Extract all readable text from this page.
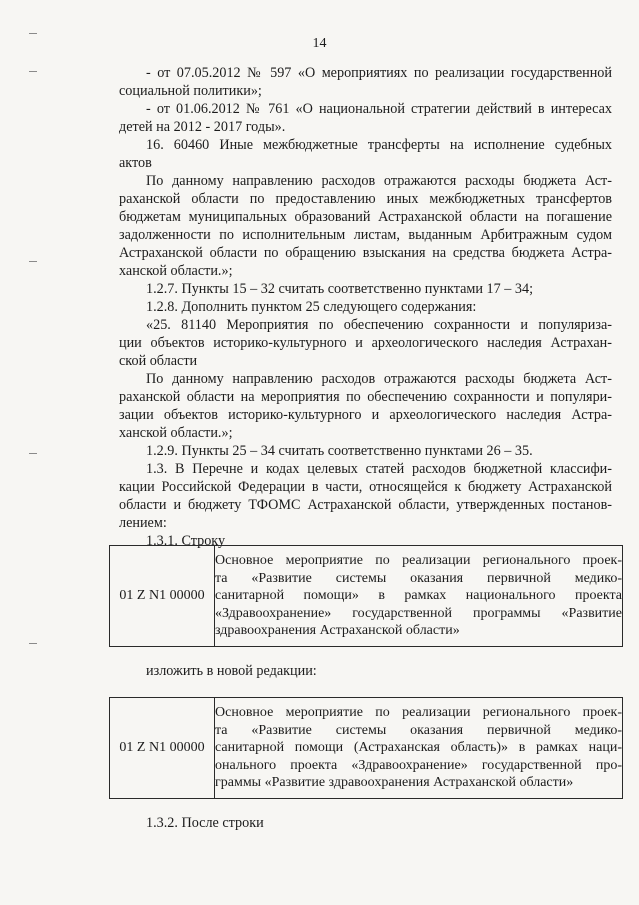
14
- от 07.05.2012 № 597 «О мероприятиях по реализации государственной
социальной политики»;
- от 01.06.2012 № 761 «О национальной стратегии действий в интересах
детей на 2012 - 2017 годы».
16. 60460 Иные межбюджетные трансферты на исполнение судебных
актов
По данному направлению расходов отражаются расходы бюджета Аст-
раханской области по предоставлению иных межбюджетных трансфертов
бюджетам муниципальных образований Астраханской области на погашение
задолженности по исполнительным листам, выданным Арбитражным судом
Астраханской области по обращению взыскания на средства бюджета Астра-
ханской области.»;
1.2.7. Пункты 15 – 32 считать соответственно пунктами 17 – 34;
1.2.8. Дополнить пунктом 25 следующего содержания:
«25. 81140 Мероприятия по обеспечению сохранности и популяриза-
ции объектов историко-культурного и археологического наследия Астрахан-
ской области
По данному направлению расходов отражаются расходы бюджета Аст-
раханской области на мероприятия по обеспечению сохранности и популяри-
зации объектов историко-культурного и археологического наследия Астра-
ханской области.»;
1.2.9. Пункты 25 – 34 считать соответственно пунктами 26 – 35.
1.3. В Перечне и кодах целевых статей расходов бюджетной классифи-
кации Российской Федерации в части, относящейся к бюджету Астраханской
области и бюджету ТФОМС Астраханской области, утвержденных постанов-
лением:
1.3.1. Строку
01 Z N1 00000	
Основное мероприятие по реализации регионального проек-
та «Развитие системы оказания первичной медико-
санитарной помощи» в рамках национального проекта
«Здравоохранение» государственной программы «Развитие
здравоохранения Астраханской области»
изложить в новой редакции:
01 Z N1 00000	
Основное мероприятие по реализации регионального проек-
та «Развитие системы оказания первичной медико-
санитарной помощи (Астраханская область)» в рамках наци-
онального проекта «Здравоохранение» государственной про-
граммы «Развитие здравоохранения Астраханской области»
1.3.2. После строки
